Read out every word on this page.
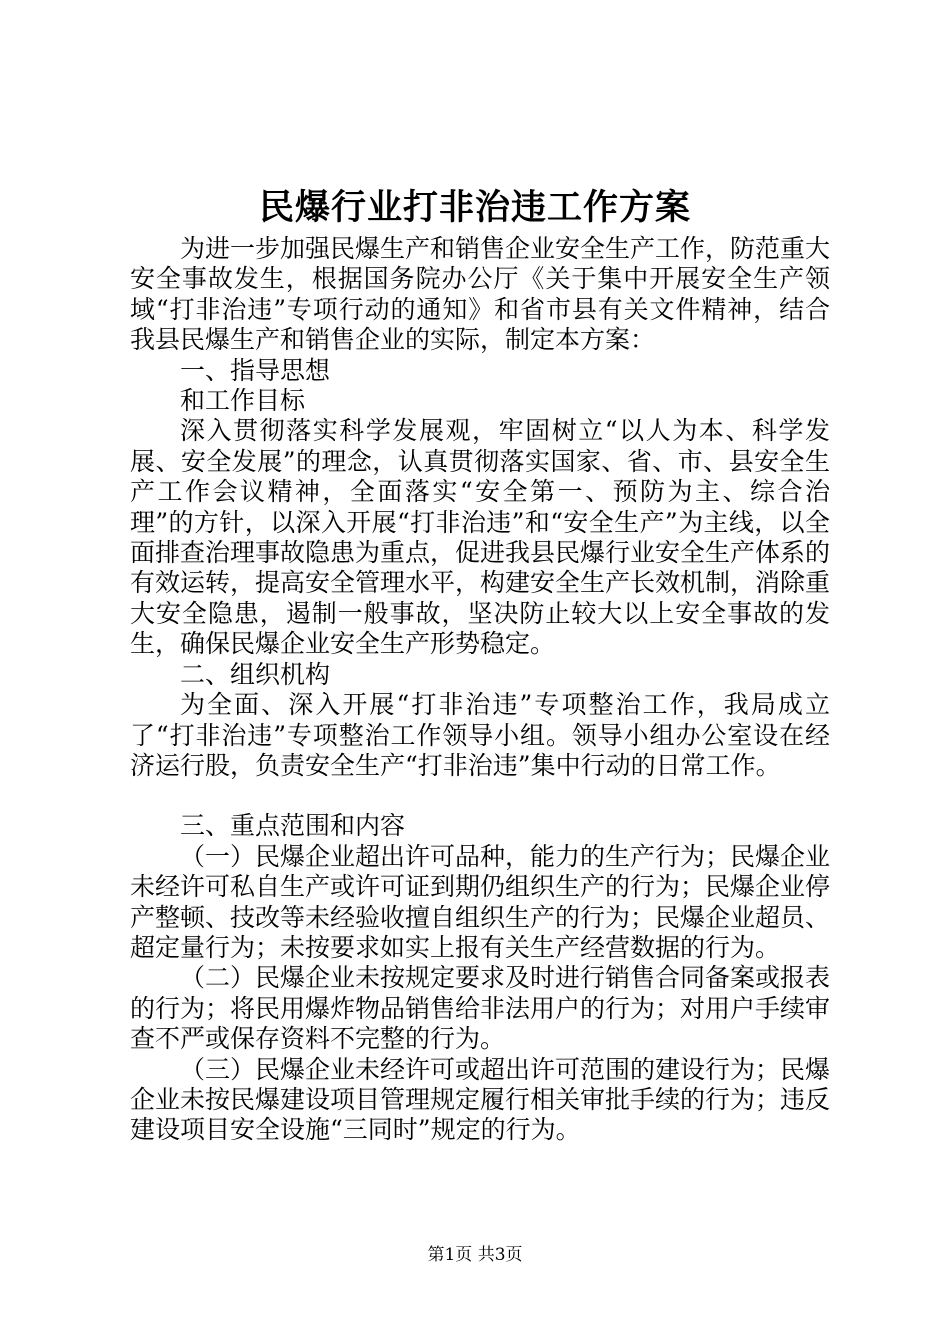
民爆行业打非治违工作方案

为进一步加强民爆生产和销售企业安全生产工作，防范重大安全事故发生，根据国务院办公厅《关于集中开展安全生产领域“打非治违”专项行动的通知》和省市县有关文件精神，结合我县民爆生产和销售企业的实际，制定本方案：

一、指导思想

和工作目标

深入贯彻落实科学发展观，牢固树立“以人为本、科学发展、安全发展”的理念，认真贯彻落实国家、省、市、县安全生产工作会议精神，全面落实“安全第一、预防为主、综合治理”的方针，以深入开展“打非治违”和“安全生产”为主线，以全面排查治理事故隐患为重点，促进我县民爆行业安全生产体系的有效运转，提高安全管理水平，构建安全生产长效机制，消除重大安全隐患，遏制一般事故，坚决防止较大以上安全事故的发生，确保民爆企业安全生产形势稳定。

二、组织机构

为全面、深入开展“打非治违”专项整治工作，我局成立了“打非治违”专项整治工作领导小组。领导小组办公室设在经济运行股，负责安全生产“打非治违”集中行动的日常工作。

三、重点范围和内容

（一）民爆企业超出许可品种，能力的生产行为；民爆企业未经许可私自生产或许可证到期仍组织生产的行为；民爆企业停产整顿、技改等未经验收擅自组织生产的行为；民爆企业超员、超定量行为；未按要求如实上报有关生产经营数据的行为。

（二）民爆企业未按规定要求及时进行销售合同备案或报表的行为；将民用爆炸物品销售给非法用户的行为；对用户手续审查不严或保存资料不完整的行为。

（三）民爆企业未经许可或超出许可范围的建设行为；民爆企业未按民爆建设项目管理规定履行相关审批手续的行为；违反建设项目安全设施“三同时”规定的行为。

第1页 共3页
